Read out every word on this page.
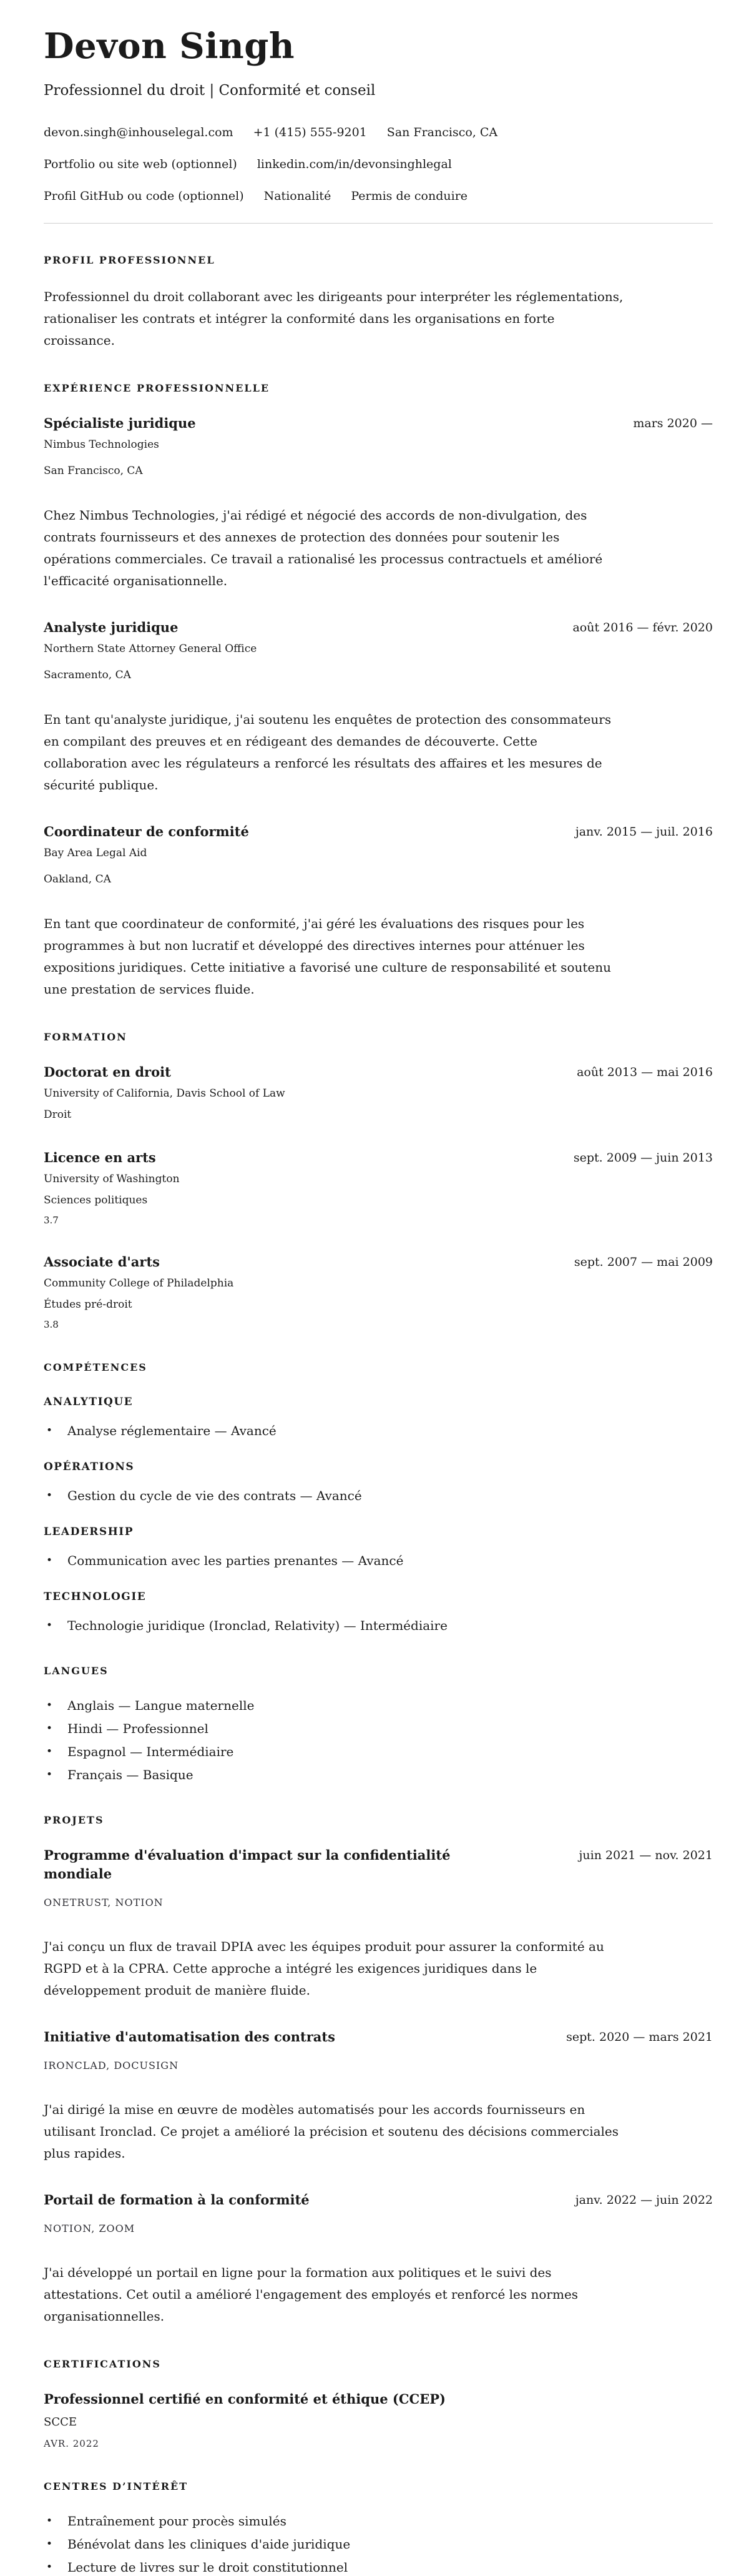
Devon Singh
Professionnel du droit | Conformité et conseil
devon.singh@inhouselegal.com +1 (415) 555-9201 San Francisco, CA
Portfolio ou site web (optionnel) linkedin.com/in/devonsinghlegal
Profil GitHub ou code (optionnel) Nationalité Permis de conduire
PROFIL PROFESSIONNEL

Professionnel du droit collaborant avec les dirigeants pour interpréter les réglementations, rationaliser les contrats et intégrer la conformité dans les organisations en forte croissance.

EXPÉRIENCE PROFESSIONNELLE
Spécialiste juridique	mars 2020 —
Nimbus Technologies
San Francisco, CA

Chez Nimbus Technologies, j'ai rédigé et négocié des accords de non-divulgation, des contrats fournisseurs et des annexes de protection des données pour soutenir les opérations commerciales. Ce travail a rationalisé les processus contractuels et amélioré l'efficacité organisationnelle.

Analyste juridique	août 2016 — févr. 2020
Northern State Attorney General Office
Sacramento, CA

En tant qu'analyste juridique, j'ai soutenu les enquêtes de protection des consommateurs en compilant des preuves et en rédigeant des demandes de découverte. Cette collaboration avec les régulateurs a renforcé les résultats des affaires et les mesures de sécurité publique.

Coordinateur de conformité	janv. 2015 — juil. 2016
Bay Area Legal Aid
Oakland, CA

En tant que coordinateur de conformité, j'ai géré les évaluations des risques pour les programmes à but non lucratif et développé des directives internes pour atténuer les expositions juridiques. Cette initiative a favorisé une culture de responsabilité et soutenu une prestation de services fluide.

FORMATION
Doctorat en droit	août 2013 — mai 2016
University of California, Davis School of Law
Droit
Licence en arts	sept. 2009 — juin 2013
University of Washington
Sciences politiques
3.7
Associate d'arts	sept. 2007 — mai 2009
Community College of Philadelphia
Études pré-droit
3.8
COMPÉTENCES
ANALYTIQUE
• Analyse réglementaire — Avancé
OPÉRATIONS
• Gestion du cycle de vie des contrats — Avancé
LEADERSHIP
• Communication avec les parties prenantes — Avancé
TECHNOLOGIE
• Technologie juridique (Ironclad, Relativity) — Intermédiaire
LANGUES
• Anglais — Langue maternelle
• Hindi — Professionnel
• Espagnol — Intermédiaire
• Français — Basique
PROJETS
Programme d'évaluation d'impact sur la confidentialité mondiale
juin 2021 — nov. 2021
ONETRUST, NOTION

J'ai conçu un flux de travail DPIA avec les équipes produit pour assurer la conformité au RGPD et à la CPRA. Cette approche a intégré les exigences juridiques dans le développement produit de manière fluide.

Initiative d'automatisation des contrats	sept. 2020 — mars 2021
IRONCLAD, DOCUSIGN

J'ai dirigé la mise en œuvre de modèles automatisés pour les accords fournisseurs en utilisant Ironclad. Ce projet a amélioré la précision et soutenu des décisions commerciales plus rapides.

Portail de formation à la conformité	janv. 2022 — juin 2022
NOTION, ZOOM

J'ai développé un portail en ligne pour la formation aux politiques et le suivi des attestations. Cet outil a amélioré l'engagement des employés et renforcé les normes organisationnelles.

CERTIFICATIONS
Professionnel certifié en conformité et éthique (CCEP)
SCCE
AVR. 2022
CENTRES D’INTÉRÊT
• Entraînement pour procès simulés
• Bénévolat dans les cliniques d'aide juridique
• Lecture de livres sur le droit constitutionnel
